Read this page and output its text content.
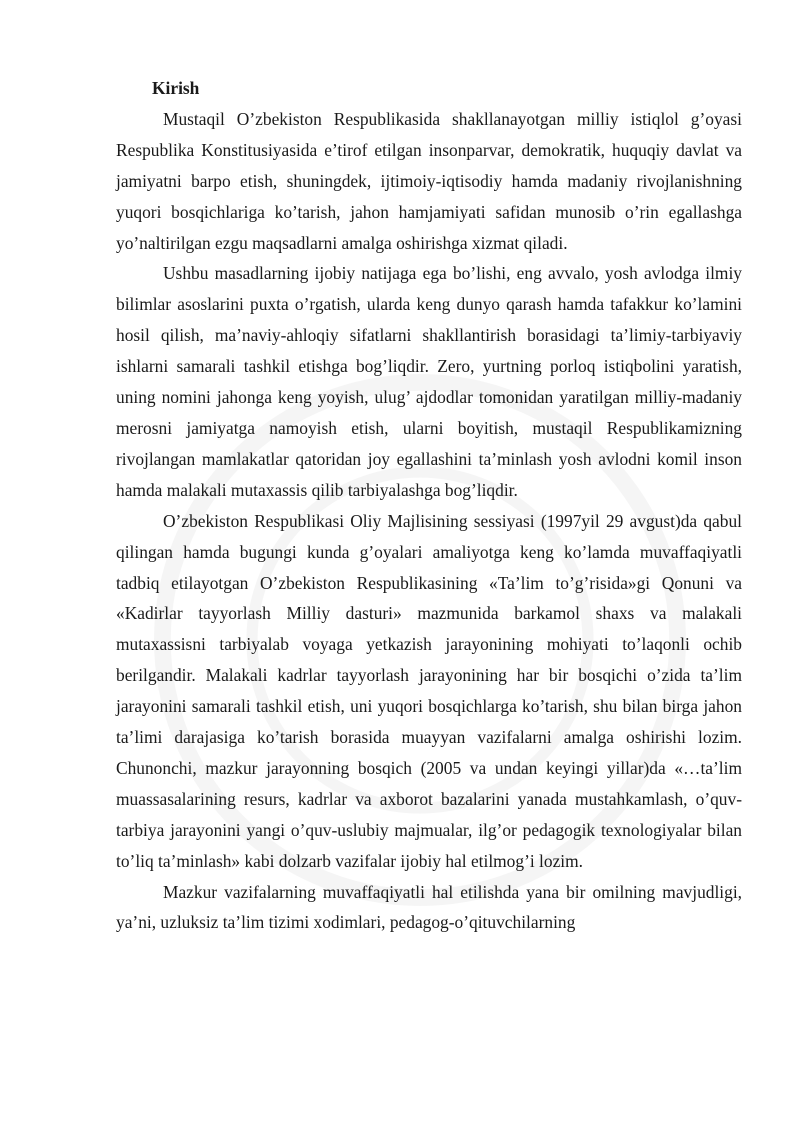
Kirish

Mustaqil O’zbekiston Respublikasida shakllanayotgan milliy istiqlol g’oyasi Respublika Konstitusiyasida e’tirof etilgan insonparvar, demokratik, huquqiy davlat va jamiyatni barpo etish, shuningdek, ijtimoiy-iqtisodiy hamda madaniy rivojlanishning yuqori bosqichlariga ko’tarish, jahon hamjamiyati safidan munosib o’rin egallashga yo’naltirilgan ezgu maqsadlarni amalga oshirishga xizmat qiladi.

Ushbu masadlarning ijobiy natijaga ega bo’lishi, eng avvalo, yosh avlodga ilmiy bilimlar asoslarini puxta o’rgatish, ularda keng dunyo qarash hamda tafakkur ko’lamini hosil qilish, ma’naviy-ahloqiy sifatlarni shakllantirish borasidagi ta’limiy-tarbiyaviy ishlarni samarali tashkil etishga bog’liqdir. Zero, yurtning porloq istiqbolini yaratish, uning nomini jahonga keng yoyish, ulug’ ajdodlar tomonidan yaratilgan milliy-madaniy merosni jamiyatga namoyish etish, ularni boyitish, mustaqil Respublikamizning rivojlangan mamlakatlar qatoridan joy egallashini ta’minlash yosh avlodni komil inson hamda malakali mutaxassis qilib tarbiyalashga bog’liqdir.

O’zbekiston Respublikasi Oliy Majlisining sessiyasi (1997yil 29 avgust)da qabul qilingan hamda bugungi kunda g’oyalari amaliyotga keng ko’lamda muvaffaqiyatli tadbiq etilayotgan O’zbekiston Respublikasining «Ta’lim to’g’risida»gi Qonuni va «Kadirlar tayyorlash Milliy dasturi» mazmunida barkamol shaxs va malakali mutaxassisni tarbiyalab voyaga yetkazish jarayonining mohiyati to’laqonli ochib berilgandir. Malakali kadrlar tayyorlash jarayonining har bir bosqichi o’zida ta’lim jarayonini samarali tashkil etish, uni yuqori bosqichlarga ko’tarish, shu bilan birga jahon ta’limi darajasiga ko’tarish borasida muayyan vazifalarni amalga oshirishi lozim. Chunonchi, mazkur jarayonning bosqich (2005 va undan keyingi yillar)da «…ta’lim muassasalarining resurs, kadrlar va axborot bazalarini yanada mustahkamlash, o’quv-tarbiya jarayonini yangi o’quv-uslubiy majmualar, ilg’or pedagogik texnologiyalar bilan to’liq ta’minlash» kabi dolzarb vazifalar ijobiy hal etilmog’i lozim.

Mazkur vazifalarning muvaffaqiyatli hal etilishda yana bir omilning mavjudligi, ya’ni, uzluksiz ta’lim tizimi xodimlari, pedagog-o’qituvchilarning
